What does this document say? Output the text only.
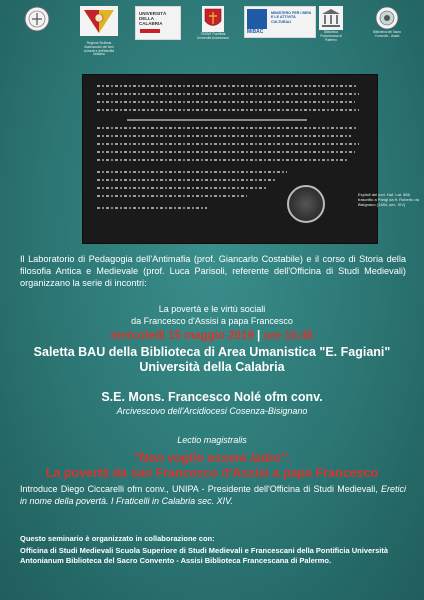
Regione Siciliana Assessorato dei beni culturali e dell'identità siciliana
UNIVERSITÀ DELLA CALABRIA
SSSMF Pontificia Università Antonianum
MiBAC
MINISTERO PER I BENI E LE ATTIVITÀ CULTURALI
Biblioteca Francescana di Palermo
Biblioteca del Sacro Convento - Assisi
Explicit del cod. Nat. Lat. 866 trascritto a Parigi da fr. Roberto da Bisignano (1384, sec. XIV)
Il Laboratorio di Pedagogia dell'Antimafia (prof. Giancarlo Costabile) e il corso di Storia della filosofia Antica e Medievale (prof. Luca Parisoli, referente dell'Officina di Studi Medievali) organizzano la serie di incontri:
La povertà e le virtù sociali
da Francesco d'Assisi a papa Francesco
mercoledì 15 maggio 2019 | ore 10.45
Saletta BAU della Biblioteca di Area Umanistica "E. Fagiani"
Università della Calabria
S.E. Mons. Francesco Nolé ofm conv.
Arcivescovo dell'Arcidiocesi Cosenza-Bisignano
Lectio magistralis
"Non voglio essere ladro".
La povertà da san Francesco d'Assisi a papa Francesco
Introduce Diego Ciccarelli ofm conv., UNIPA - Presidente dell'Officina di Studi Medievali, Eretici in nome della povertà. I Fraticelli in Calabria sec. XIV.
Questo seminario è organizzato in collaborazione con:
Officina di Studi Medievali Scuola Superiore di Studi Medievali e Francescani della Pontificia Università Antonianum Biblioteca del Sacro Convento - Assisi Biblioteca Francescana di Palermo.
